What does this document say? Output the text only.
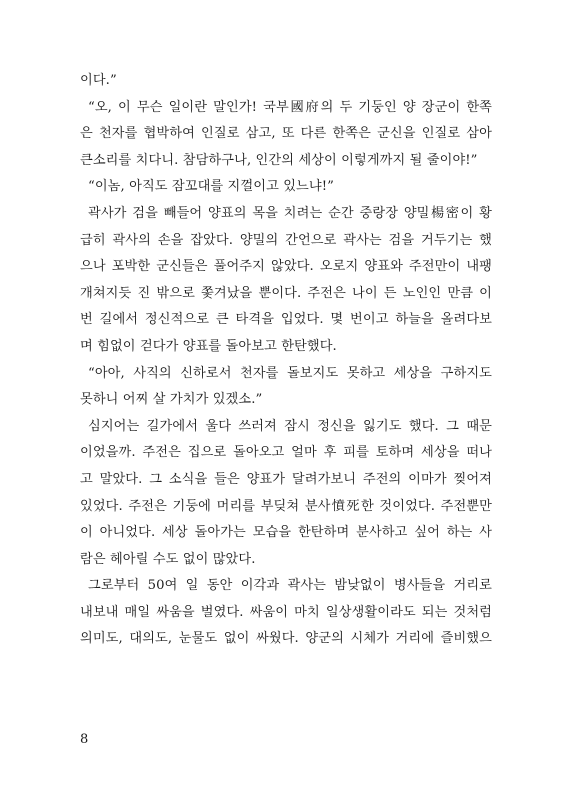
이다.”
“오, 이 무슨 일이란 말인가! 국부國府의 두 기둥인 양 장군이 한쪽
은 천자를 협박하여 인질로 삼고, 또 다른 한쪽은 군신을 인질로 삼아
큰소리를 치다니. 참담하구나, 인간의 세상이 이렇게까지 될 줄이야!”
“이놈, 아직도 잠꼬대를 지껄이고 있느냐!”
곽사가 검을 빼들어 양표의 목을 치려는 순간 중랑장 양밀楊密이 황
급히 곽사의 손을 잡았다. 양밀의 간언으로 곽사는 검을 거두기는 했
으나 포박한 군신들은 풀어주지 않았다. 오로지 양표와 주전만이 내팽
개쳐지듯 진 밖으로 쫓겨났을 뿐이다. 주전은 나이 든 노인인 만큼 이
번 길에서 정신적으로 큰 타격을 입었다. 몇 번이고 하늘을 올려다보
며 힘없이 걷다가 양표를 돌아보고 한탄했다.
“아아, 사직의 신하로서 천자를 돌보지도 못하고 세상을 구하지도
못하니 어찌 살 가치가 있겠소.”
심지어는 길가에서 울다 쓰러져 잠시 정신을 잃기도 했다. 그 때문
이었을까. 주전은 집으로 돌아오고 얼마 후 피를 토하며 세상을 떠나
고 말았다. 그 소식을 들은 양표가 달려가보니 주전의 이마가 찢어져
있었다. 주전은 기둥에 머리를 부딪쳐 분사憤死한 것이었다. 주전뿐만
이 아니었다. 세상 돌아가는 모습을 한탄하며 분사하고 싶어 하는 사
람은 헤아릴 수도 없이 많았다.
그로부터 50여 일 동안 이각과 곽사는 밤낮없이 병사들을 거리로
내보내 매일 싸움을 벌였다. 싸움이 마치 일상생활이라도 되는 것처럼
의미도, 대의도, 눈물도 없이 싸웠다. 양군의 시체가 거리에 즐비했으
8
